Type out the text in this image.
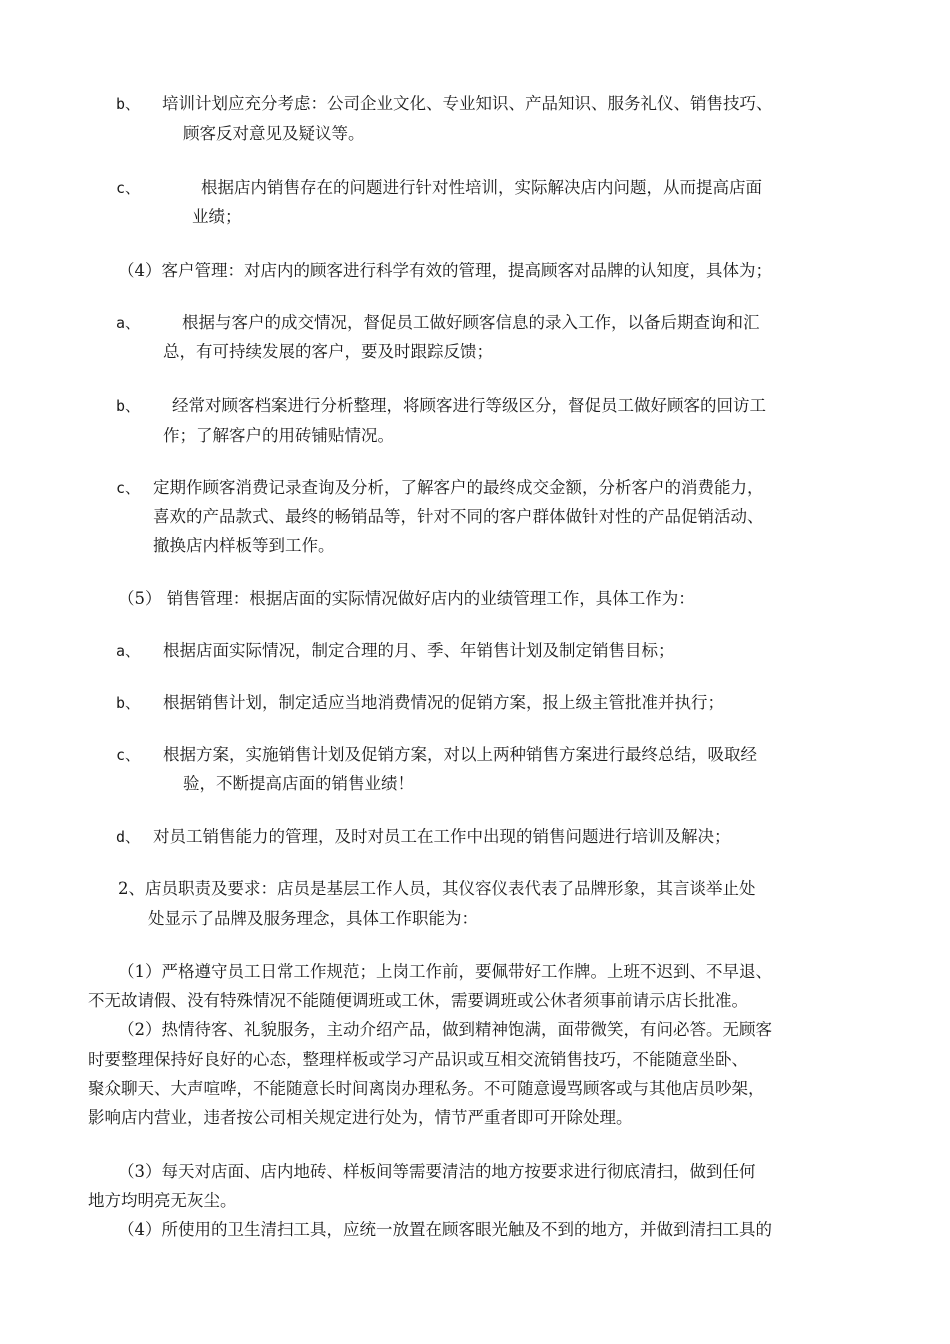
b、 培训计划应充分考虑：公司企业文化、专业知识、产品知识、服务礼仪、销售技巧、
顾客反对意见及疑议等。
c、	根据店内销售存在的问题进行针对性培训，实际解决店内问题，从而提高店面
业绩；
（4）客户管理：对店内的顾客进行科学有效的管理，提高顾客对品牌的认知度，具体为；
a、	根据与客户的成交情况，督促员工做好顾客信息的录入工作，以备后期查询和汇
总，有可持续发展的客户，要及时跟踪反馈；
b、 经常对顾客档案进行分析整理，将顾客进行等级区分，督促员工做好顾客的回访工
作；了解客户的用砖铺贴情况。
c、 定期作顾客消费记录查询及分析，了解客户的最终成交金额，分析客户的消费能力，
喜欢的产品款式、最终的畅销品等，针对不同的客户群体做针对性的产品促销活动、
撤换店内样板等到工作。
（5） 销售管理：根据店面的实际情况做好店内的业绩管理工作，具体工作为：
a、 根据店面实际情况，制定合理的月、季、年销售计划及制定销售目标；
b、 根据销售计划，制定适应当地消费情况的促销方案，报上级主管批准并执行；
c、 根据方案，实施销售计划及促销方案，对以上两种销售方案进行最终总结，吸取经
验，不断提高店面的销售业绩！
d、 对员工销售能力的管理，及时对员工在工作中出现的销售问题进行培训及解决；
2、店员职责及要求：店员是基层工作人员，其仪容仪表代表了品牌形象，其言谈举止处
处显示了品牌及服务理念，具体工作职能为：
（1）严格遵守员工日常工作规范；上岗工作前，要佩带好工作牌。上班不迟到、不早退、
不无故请假、没有特殊情况不能随便调班或工休，需要调班或公休者须事前请示店长批准。
（2）热情待客、礼貌服务，主动介绍产品，做到精神饱满，面带微笑，有问必答。无顾客
时要整理保持好良好的心态，整理样板或学习产品识或互相交流销售技巧，不能随意坐卧、
聚众聊天、大声喧哗，不能随意长时间离岗办理私务。不可随意谩骂顾客或与其他店员吵架，
影响店内营业，违者按公司相关规定进行处为，情节严重者即可开除处理。
（3）每天对店面、店内地砖、样板间等需要清洁的地方按要求进行彻底清扫，做到任何
地方均明亮无灰尘。
（4）所使用的卫生清扫工具，应统一放置在顾客眼光触及不到的地方，并做到清扫工具的
